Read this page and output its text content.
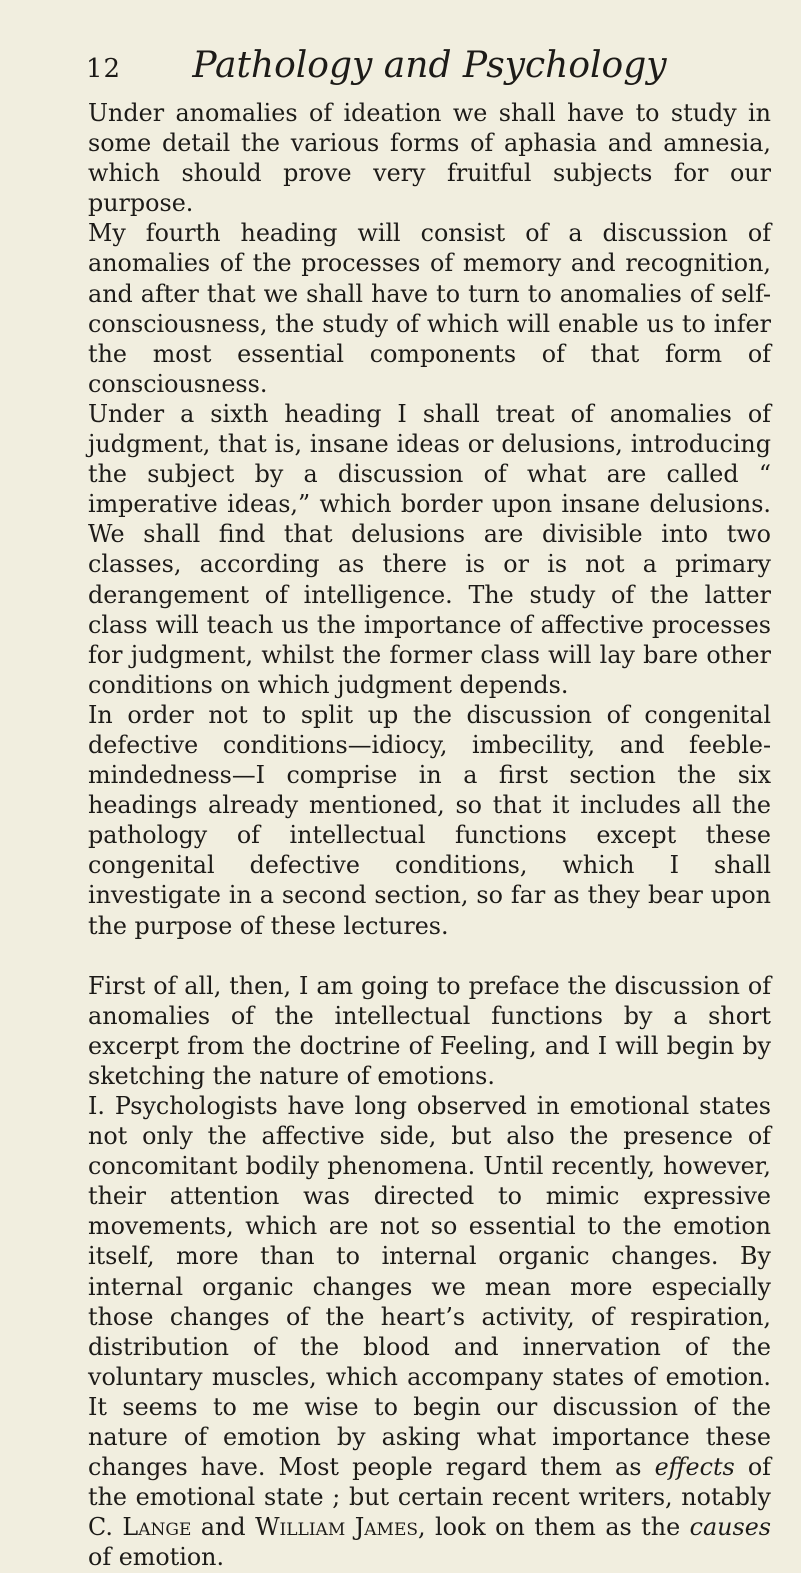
12	Pathology and Psychology

Under anomalies of ideation we shall have to study in some detail the various forms of aphasia and amnesia, which should prove very fruitful subjects for our purpose.

My fourth heading will consist of a discussion of anomalies of the processes of memory and recognition, and after that we shall have to turn to anomalies of self-consciousness, the study of which will enable us to infer the most essential components of that form of consciousness.

Under a sixth heading I shall treat of anomalies of judgment, that is, insane ideas or delusions, introducing the subject by a discussion of what are called “ imperative ideas,” which border upon insane delusions. We shall find that delusions are divisible into two classes, according as there is or is not a primary derangement of intelligence. The study of the latter class will teach us the importance of affective processes for judgment, whilst the former class will lay bare other conditions on which judgment depends.

In order not to split up the discussion of congenital defective conditions—idiocy, imbecility, and feeble-mindedness—I comprise in a first section the six headings already mentioned, so that it includes all the pathology of intellectual functions except these congenital defective conditions, which I shall investigate in a second section, so far as they bear upon the purpose of these lectures.

First of all, then, I am going to preface the discussion of anomalies of the intellectual functions by a short excerpt from the doctrine of Feeling, and I will begin by sketching the nature of emotions.

I. Psychologists have long observed in emotional states not only the affective side, but also the presence of concomitant bodily phenomena. Until recently, however, their attention was directed to mimic expressive movements, which are not so essential to the emotion itself, more than to internal organic changes. By internal organic changes we mean more especially those changes of the heart’s activity, of respiration, distribution of the blood and innervation of the voluntary muscles, which accompany states of emotion. It seems to me wise to begin our discussion of the nature of emotion by asking what importance these changes have. Most people regard them as effects of the emotional state ; but certain recent writers, notably C. Lange and William James, look on them as the causes of emotion.
